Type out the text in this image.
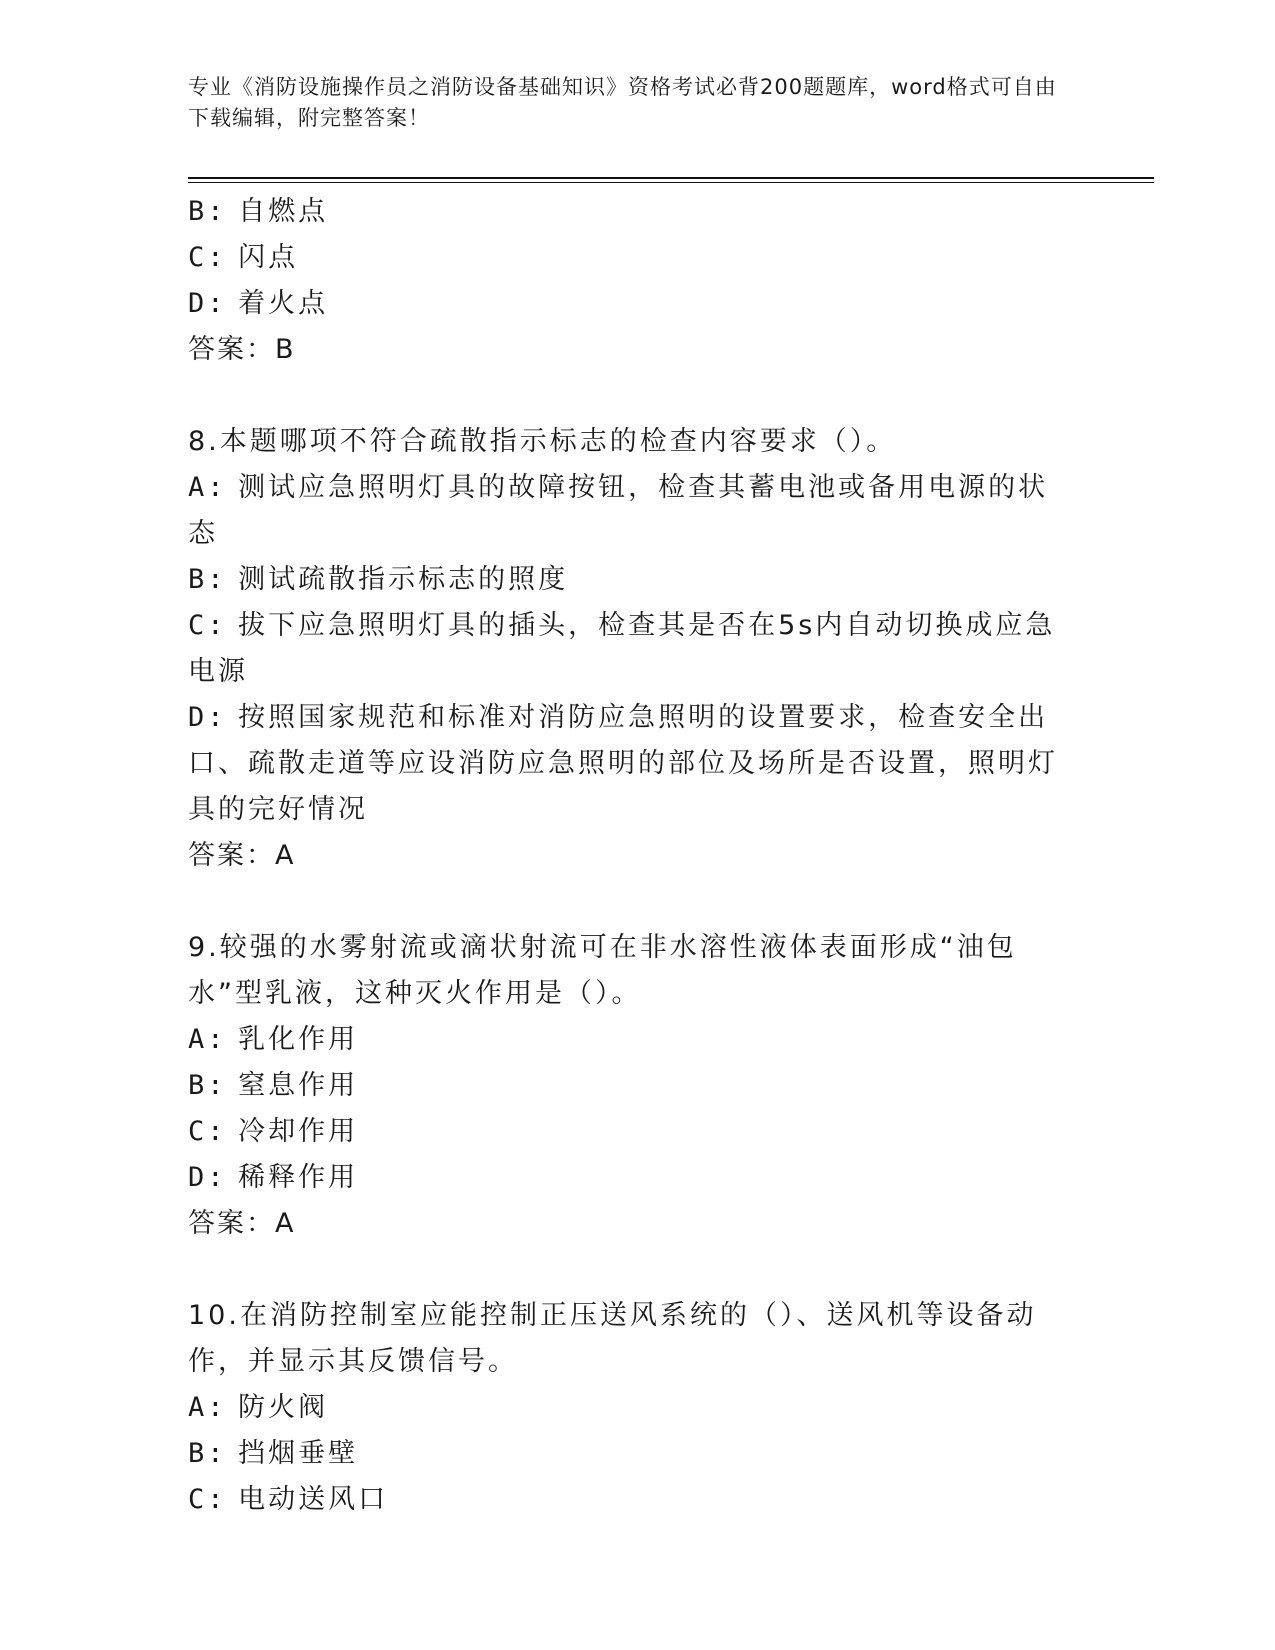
专业《消防设施操作员之消防设备基础知识》资格考试必背200题题库，word格式可自由下载编辑，附完整答案！
B: 自燃点
C: 闪点
D: 着火点
答案：B
8.本题哪项不符合疏散指示标志的检查内容要求（）。
A: 测试应急照明灯具的故障按钮，检查其蓄电池或备用电源的状态
B: 测试疏散指示标志的照度
C: 拔下应急照明灯具的插头，检查其是否在5s内自动切换成应急电源
D: 按照国家规范和标准对消防应急照明的设置要求，检查安全出口、疏散走道等应设消防应急照明的部位及场所是否设置，照明灯具的完好情况
答案：A
9.较强的水雾射流或滴状射流可在非水溶性液体表面形成“油包水”型乳液，这种灭火作用是（）。
A: 乳化作用
B: 窒息作用
C: 冷却作用
D: 稀释作用
答案：A
10.在消防控制室应能控制正压送风系统的（）、送风机等设备动作，并显示其反馈信号。
A: 防火阀
B: 挡烟垂壁
C: 电动送风口
